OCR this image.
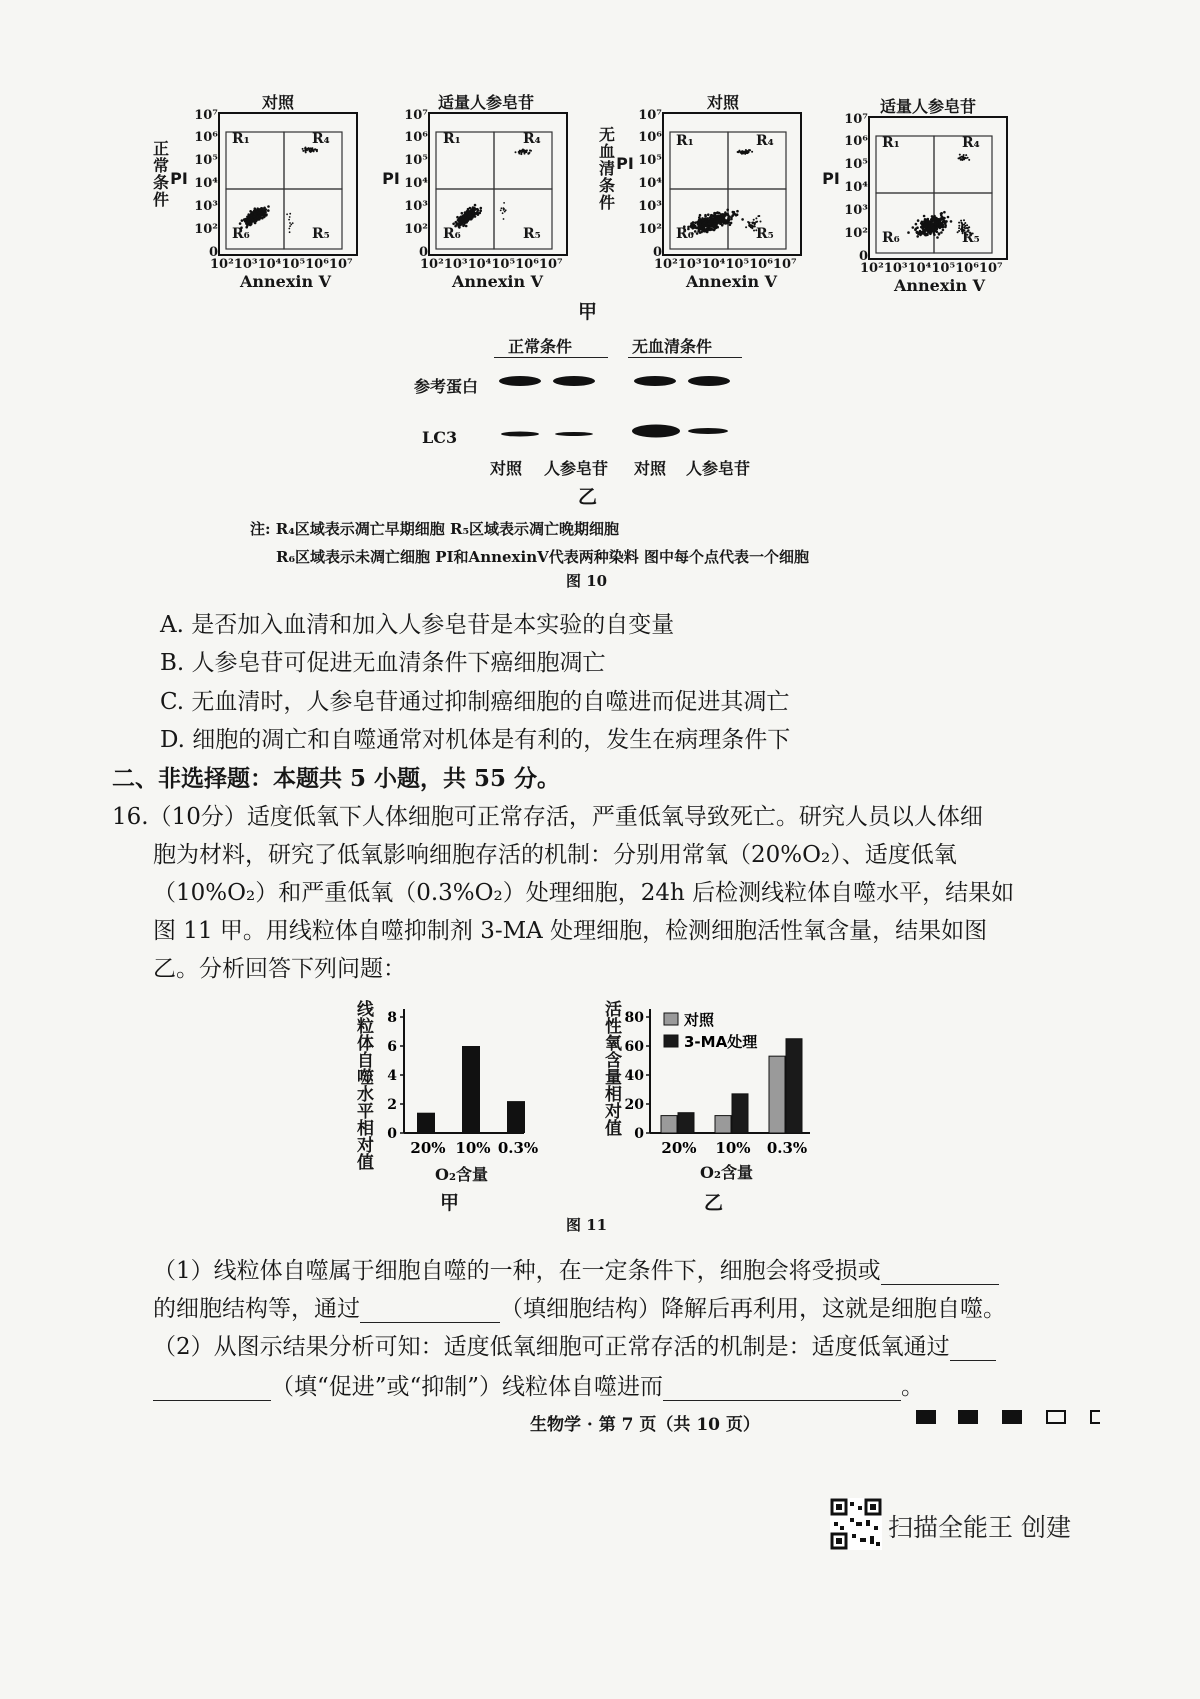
对照
正常条件
PI
10⁷
10⁶
10⁵
10⁴
10³
10²
0
R₁	R₄
R₆	R₅
10²10³10⁴10⁵10⁶10⁷
Annexin V
适量人参皂苷
PI
10⁷
10⁶
10⁵
10⁴
10³
10²
0
R₁	R₄
R₆	R₅
10²10³10⁴10⁵10⁶10⁷
Annexin V
对照
无血清条件
PI
10⁷
10⁶
10⁵
10⁴
10³
10²
0
R₁	R₄
R₆	R₅
10²10³10⁴10⁵10⁶10⁷
Annexin V
适量人参皂苷
PI
10⁷
10⁶
10⁵
10⁴
10³
10²
0
R₁	R₄
R₆	R₅
10²10³10⁴10⁵10⁶10⁷
Annexin V
甲
正常条件	无血清条件
参考蛋白
LC3
对照 人参皂苷 对照 人参皂苷
乙
注: R₄区域表示凋亡早期细胞 R₅区域表示凋亡晚期细胞
R₆区域表示未凋亡细胞 PI和AnnexinV代表两种染料 图中每个点代表一个细胞
图 10
A. 是否加入血清和加入人参皂苷是本实验的自变量
B. 人参皂苷可促进无血清条件下癌细胞凋亡
C. 无血清时，人参皂苷通过抑制癌细胞的自噬进而促进其凋亡
D. 细胞的凋亡和自噬通常对机体是有利的，发生在病理条件下
二、非选择题：本题共 5 小题，共 55 分。
16.（10分）适度低氧下人体细胞可正常存活，严重低氧导致死亡。研究人员以人体细
胞为材料，研究了低氧影响细胞存活的机制：分别用常氧（20%O₂）、适度低氧
（10%O₂）和严重低氧（0.3%O₂）处理细胞，24h 后检测线粒体自噬水平，结果如
图 11 甲。用线粒体自噬抑制剂 3-MA 处理细胞，检测细胞活性氧含量，结果如图
乙。分析回答下列问题：
线粒体自噬水平相对值 0
2
4
6
8
20% 10% 0.3%
O₂含量
甲
活性氧含量相对值 0
20
40
60
80
20% 10% 0.3%
对照
3-MA处理
O₂含量
乙
图 11
（1）线粒体自噬属于细胞自噬的一种，在一定条件下，细胞会将受损或
的细胞结构等，通过	（填细胞结构）降解后再利用，这就是细胞自噬。
（2）从图示结果分析可知：适度低氧细胞可正常存活的机制是：适度低氧通过
（填“促进”或“抑制”）线粒体自噬进而	。
生物学 · 第 7 页（共 10 页）
扫描全能王 创建
